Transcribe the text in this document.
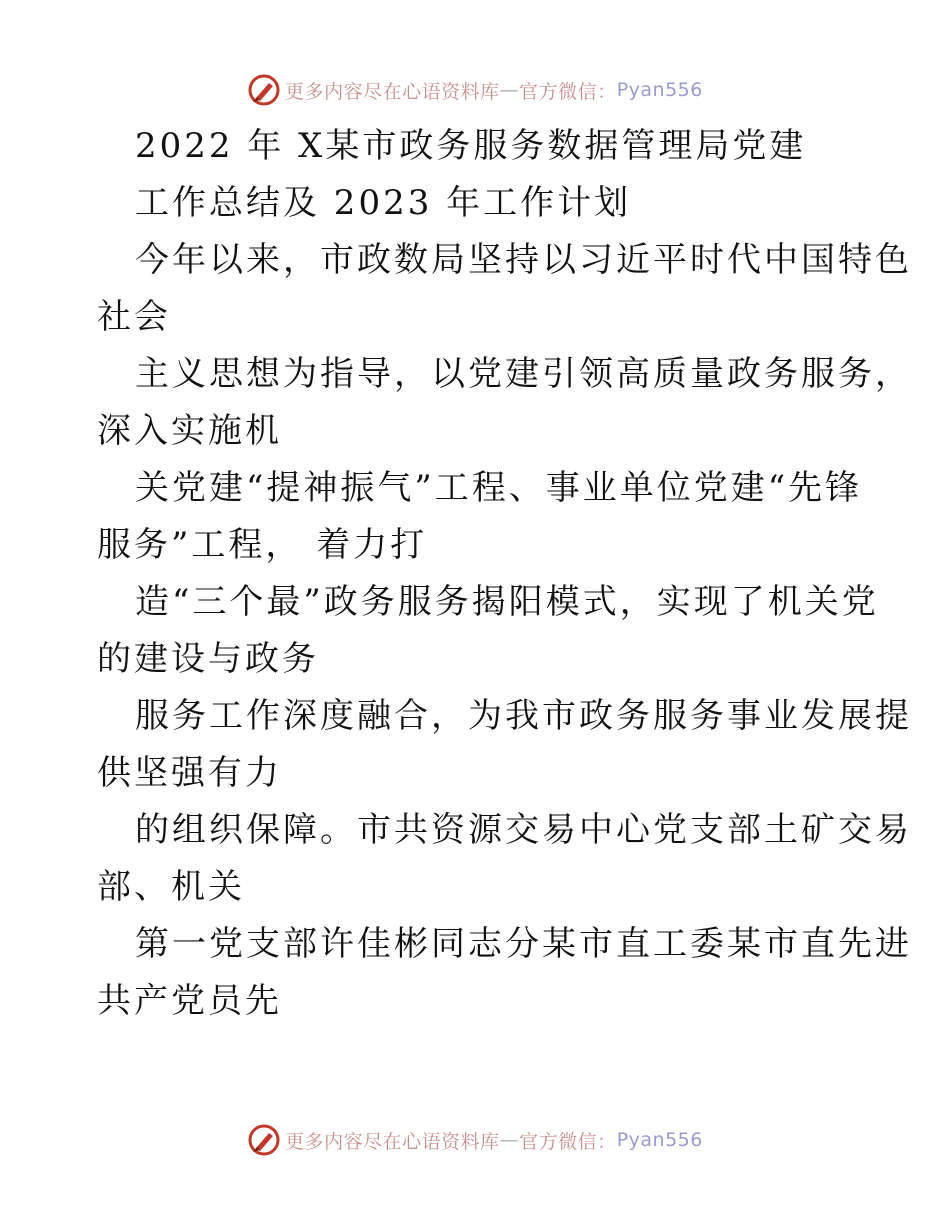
更多内容尽在心语资料库 — 官方微信： Pyan556
2022 年 X某市政务服务数据管理局党建
工作总结及 2023 年工作计划
今年以来，市政数局坚持以习近平时代中国特色
社会
主义思想为指导，以党建引领高质量政务服务，
深入实施机
关党建“提神振气”工程、事业单位党建“先锋
服务”工程， 着力打
造“三个最”政务服务揭阳模式，实现了机关党
的建设与政务
服务工作深度融合，为我市政务服务事业发展提
供坚强有力
的组织保障。市共资源交易中心党支部土矿交易
部、机关
第一党支部许佳彬同志分某市直工委某市直先进
共产党员先
更多内容尽在心语资料库 — 官方微信： Pyan556
